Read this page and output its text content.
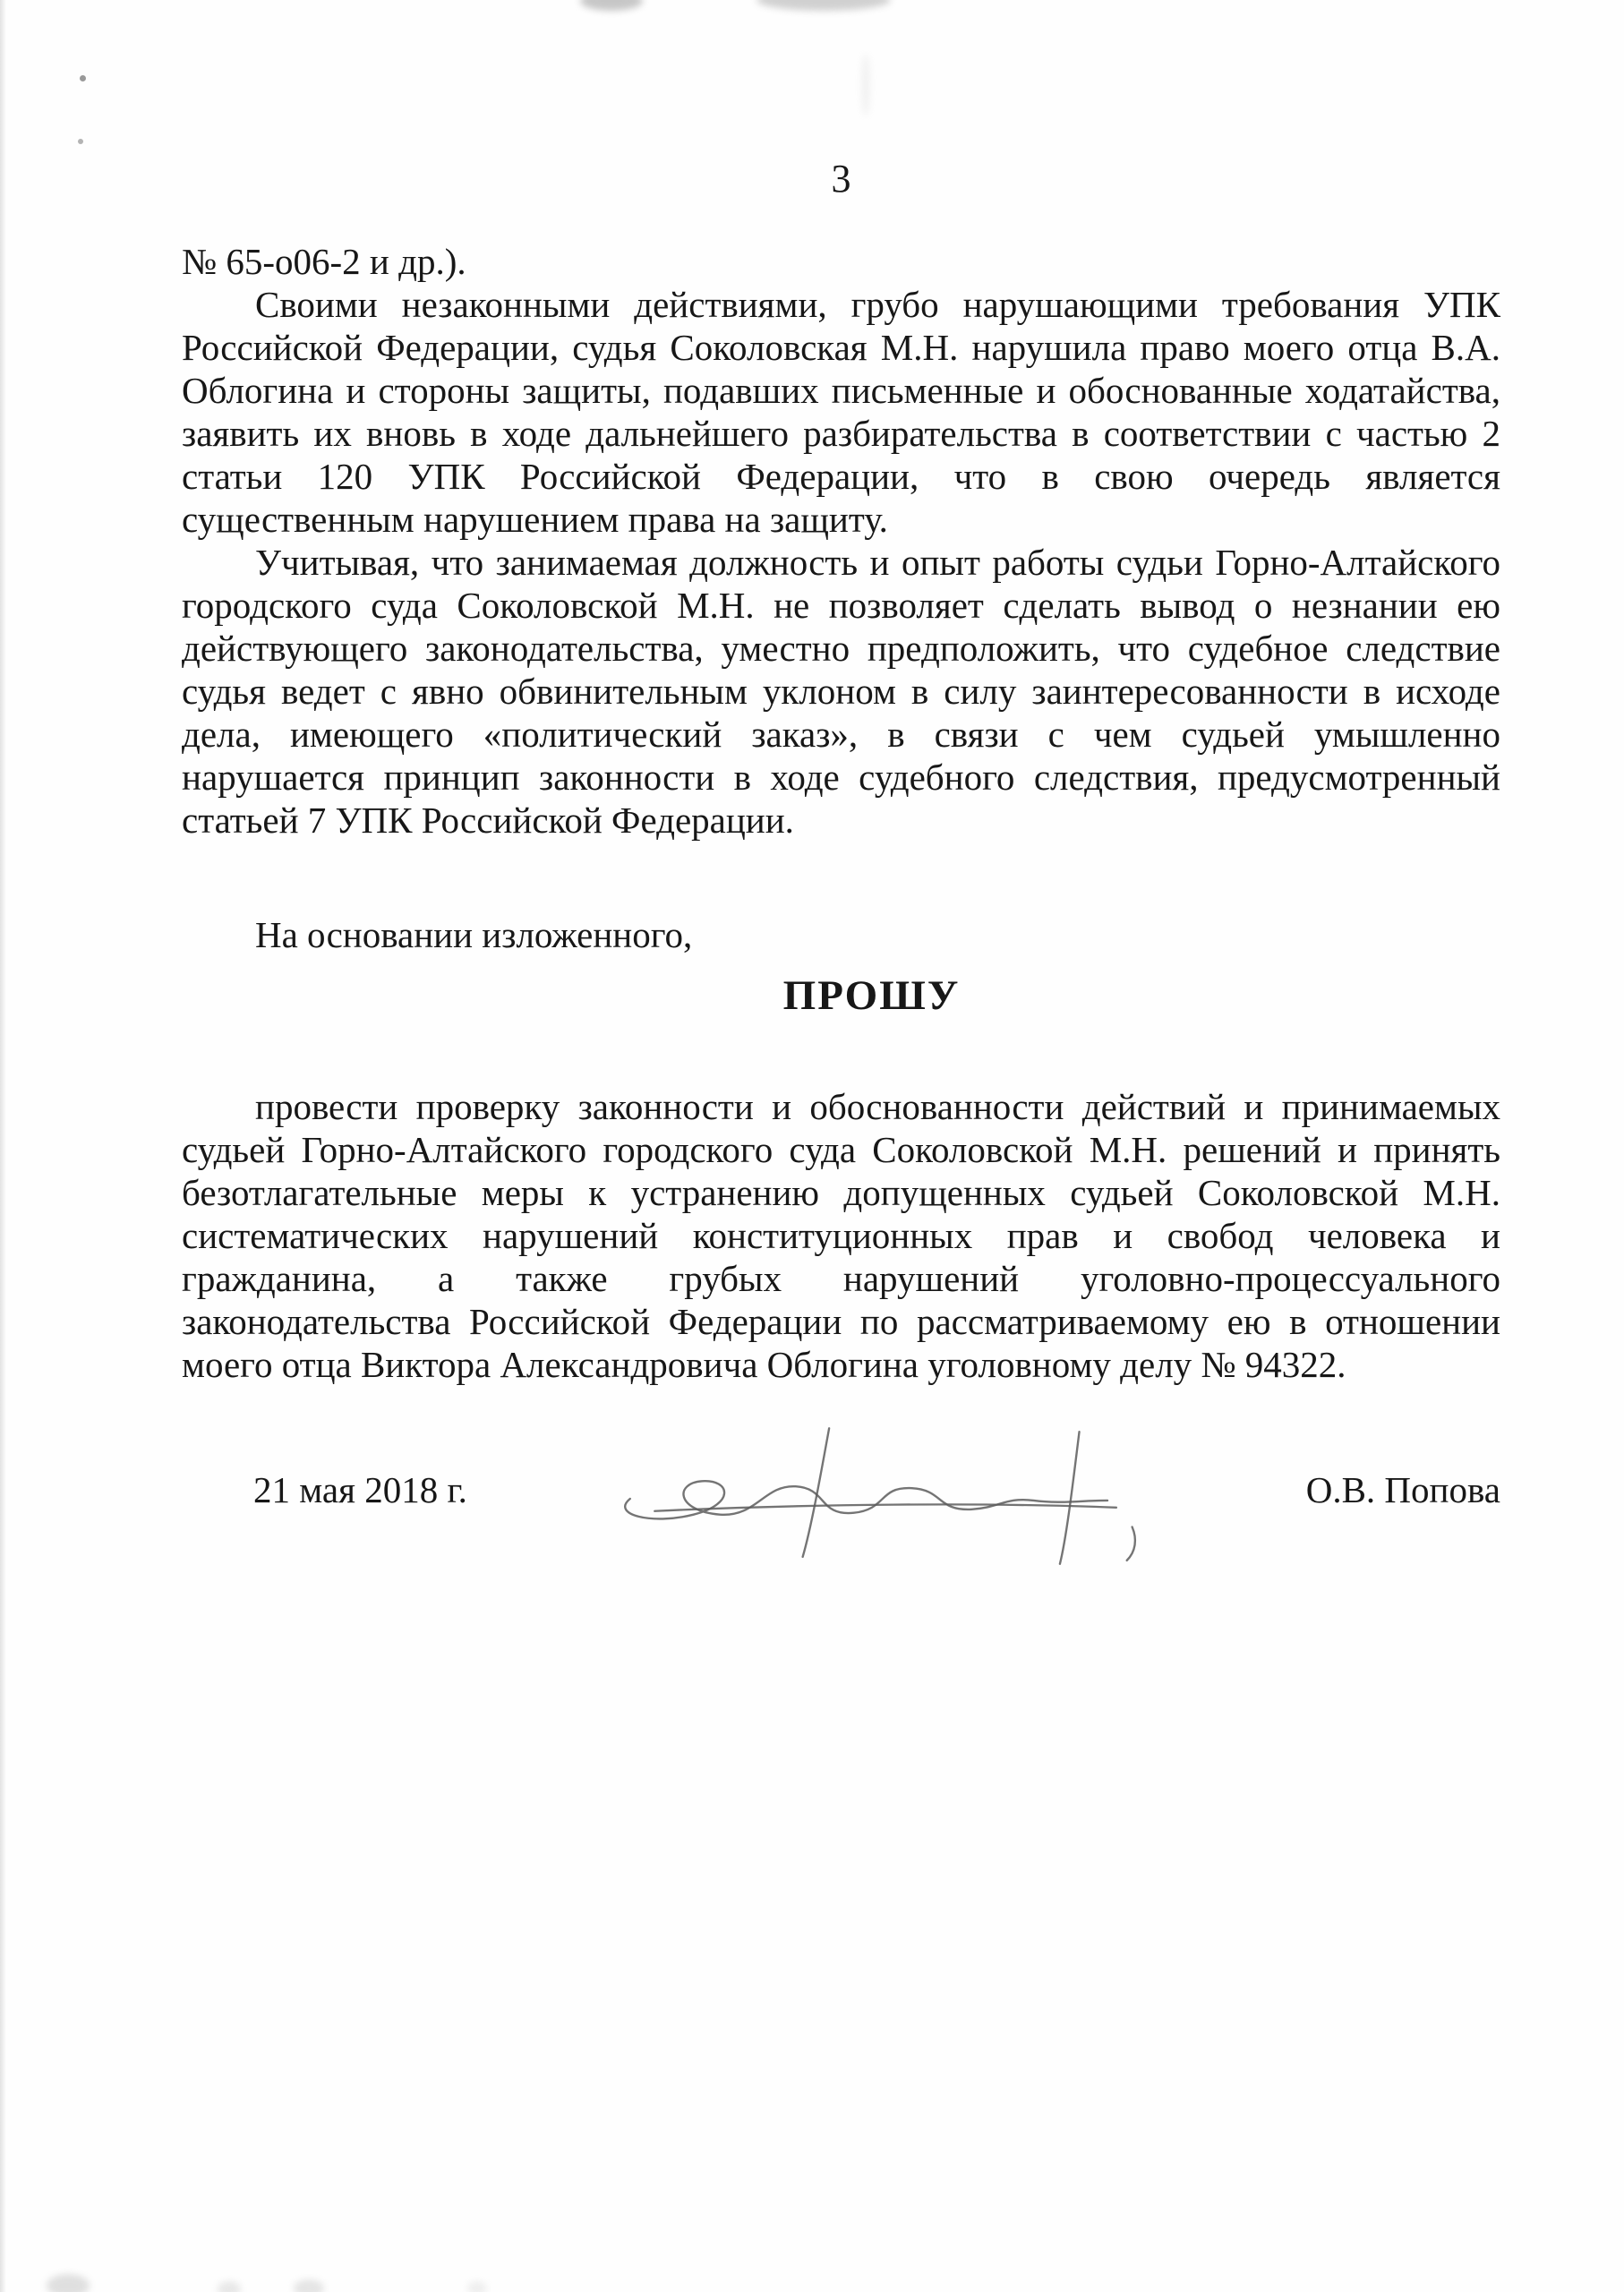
3

№ 65-о06-2 и др.).

Своими незаконными действиями, грубо нарушающими требования УПК Российской Федерации, судья Соколовская М.Н. нарушила право моего отца В.А. Облогина и стороны защиты, подавших письменные и обоснованные ходатайства, заявить их вновь в ходе дальнейшего разбирательства в соответствии с частью 2 статьи 120 УПК Российской Федерации, что в свою очередь является существенным нарушением права на защиту.

Учитывая, что занимаемая должность и опыт работы судьи Горно-Алтайского городского суда Соколовской М.Н. не позволяет сделать вывод о незнании ею действующего законодательства, уместно предположить, что судебное следствие судья ведет с явно обвинительным уклоном в силу заинтересованности в исходе дела, имеющего «политический заказ», в связи с чем судьей умышленно нарушается принцип законности в ходе судебного следствия, предусмотренный статьей 7 УПК Российской Федерации.

На основании изложенного,

ПРОШУ

провести проверку законности и обоснованности действий и принимаемых судьей Горно-Алтайского городского суда Соколовской М.Н. решений и принять безотлагательные меры к устранению допущенных судьей Соколовской М.Н. систематических нарушений конституционных прав и свобод человека и гражданина, а также грубых нарушений уголовно-процессуального законодательства Российской Федерации по рассматриваемому ею в отношении моего отца Виктора Александровича Облогина уголовному делу № 94322.

21 мая 2018 г.	О.В. Попова
